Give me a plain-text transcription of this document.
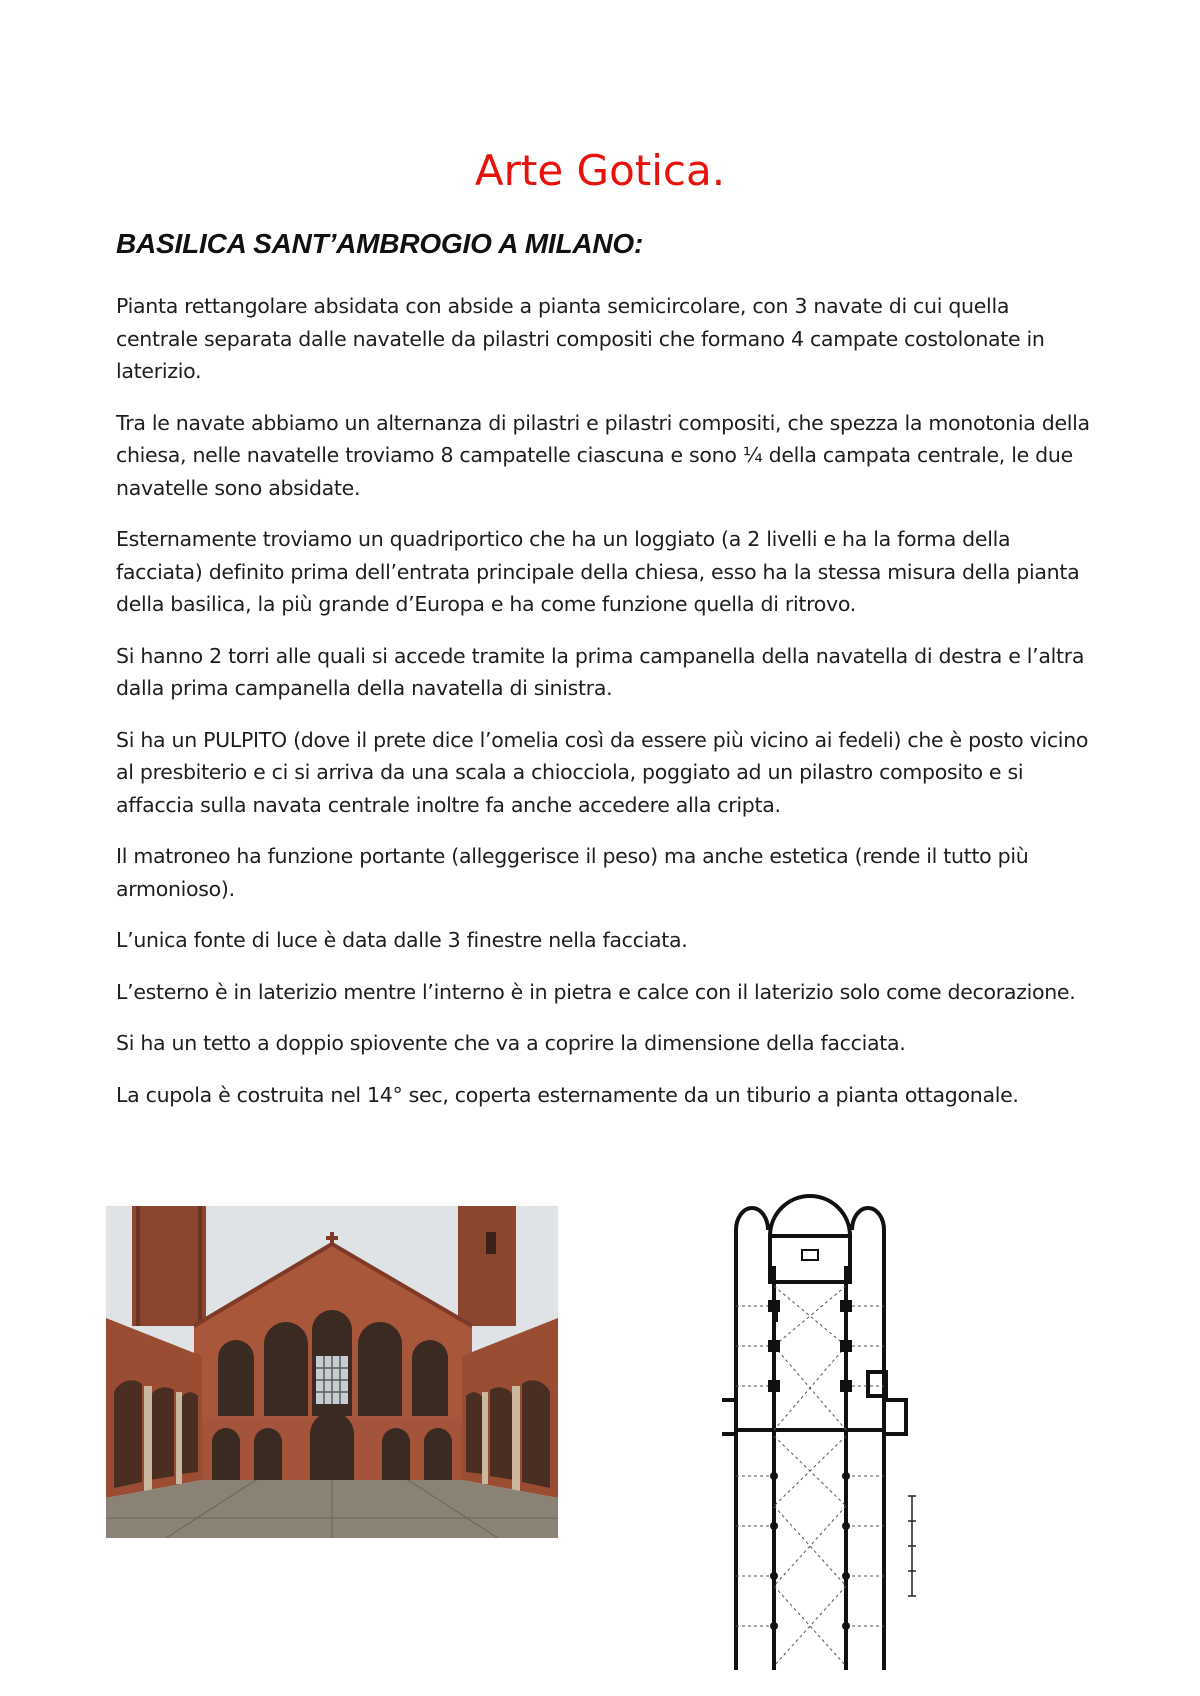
Arte Gotica.
BASILICA SANT’AMBROGIO A MILANO:

Pianta rettangolare absidata con abside a pianta semicircolare, con 3 navate di cui quella centrale separata dalle navatelle da pilastri compositi che formano 4 campate costolonate in laterizio.

Tra le navate abbiamo un alternanza di pilastri e pilastri compositi, che spezza la monotonia della chiesa, nelle navatelle troviamo 8 campatelle ciascuna e sono ¼ della campata centrale, le due navatelle sono absidate.

Esternamente troviamo un quadriportico che ha un loggiato (a 2 livelli e ha la forma della facciata) definito prima dell’entrata principale della chiesa, esso ha la stessa misura della pianta della basilica, la più grande d’Europa e ha come funzione quella di ritrovo.

Si hanno 2 torri alle quali si accede tramite la prima campanella della navatella di destra e l’altra dalla prima campanella della navatella di sinistra.

Si ha un PULPITO (dove il prete dice l’omelia così da essere più vicino ai fedeli) che è posto vicino al presbiterio e ci si arriva da una scala a chiocciola, poggiato ad un pilastro composito e si affaccia sulla navata centrale inoltre fa anche accedere alla cripta.

Il matroneo ha funzione portante (alleggerisce il peso) ma anche estetica (rende il tutto più armonioso).

L’unica fonte di luce è data dalle 3 finestre nella facciata.

L’esterno è in laterizio mentre l’interno è in pietra e calce con il laterizio solo come decorazione.

Si ha un tetto a doppio spiovente che va a coprire la dimensione della facciata.

La cupola è costruita nel 14° sec, coperta esternamente da un tiburio a pianta ottagonale.
